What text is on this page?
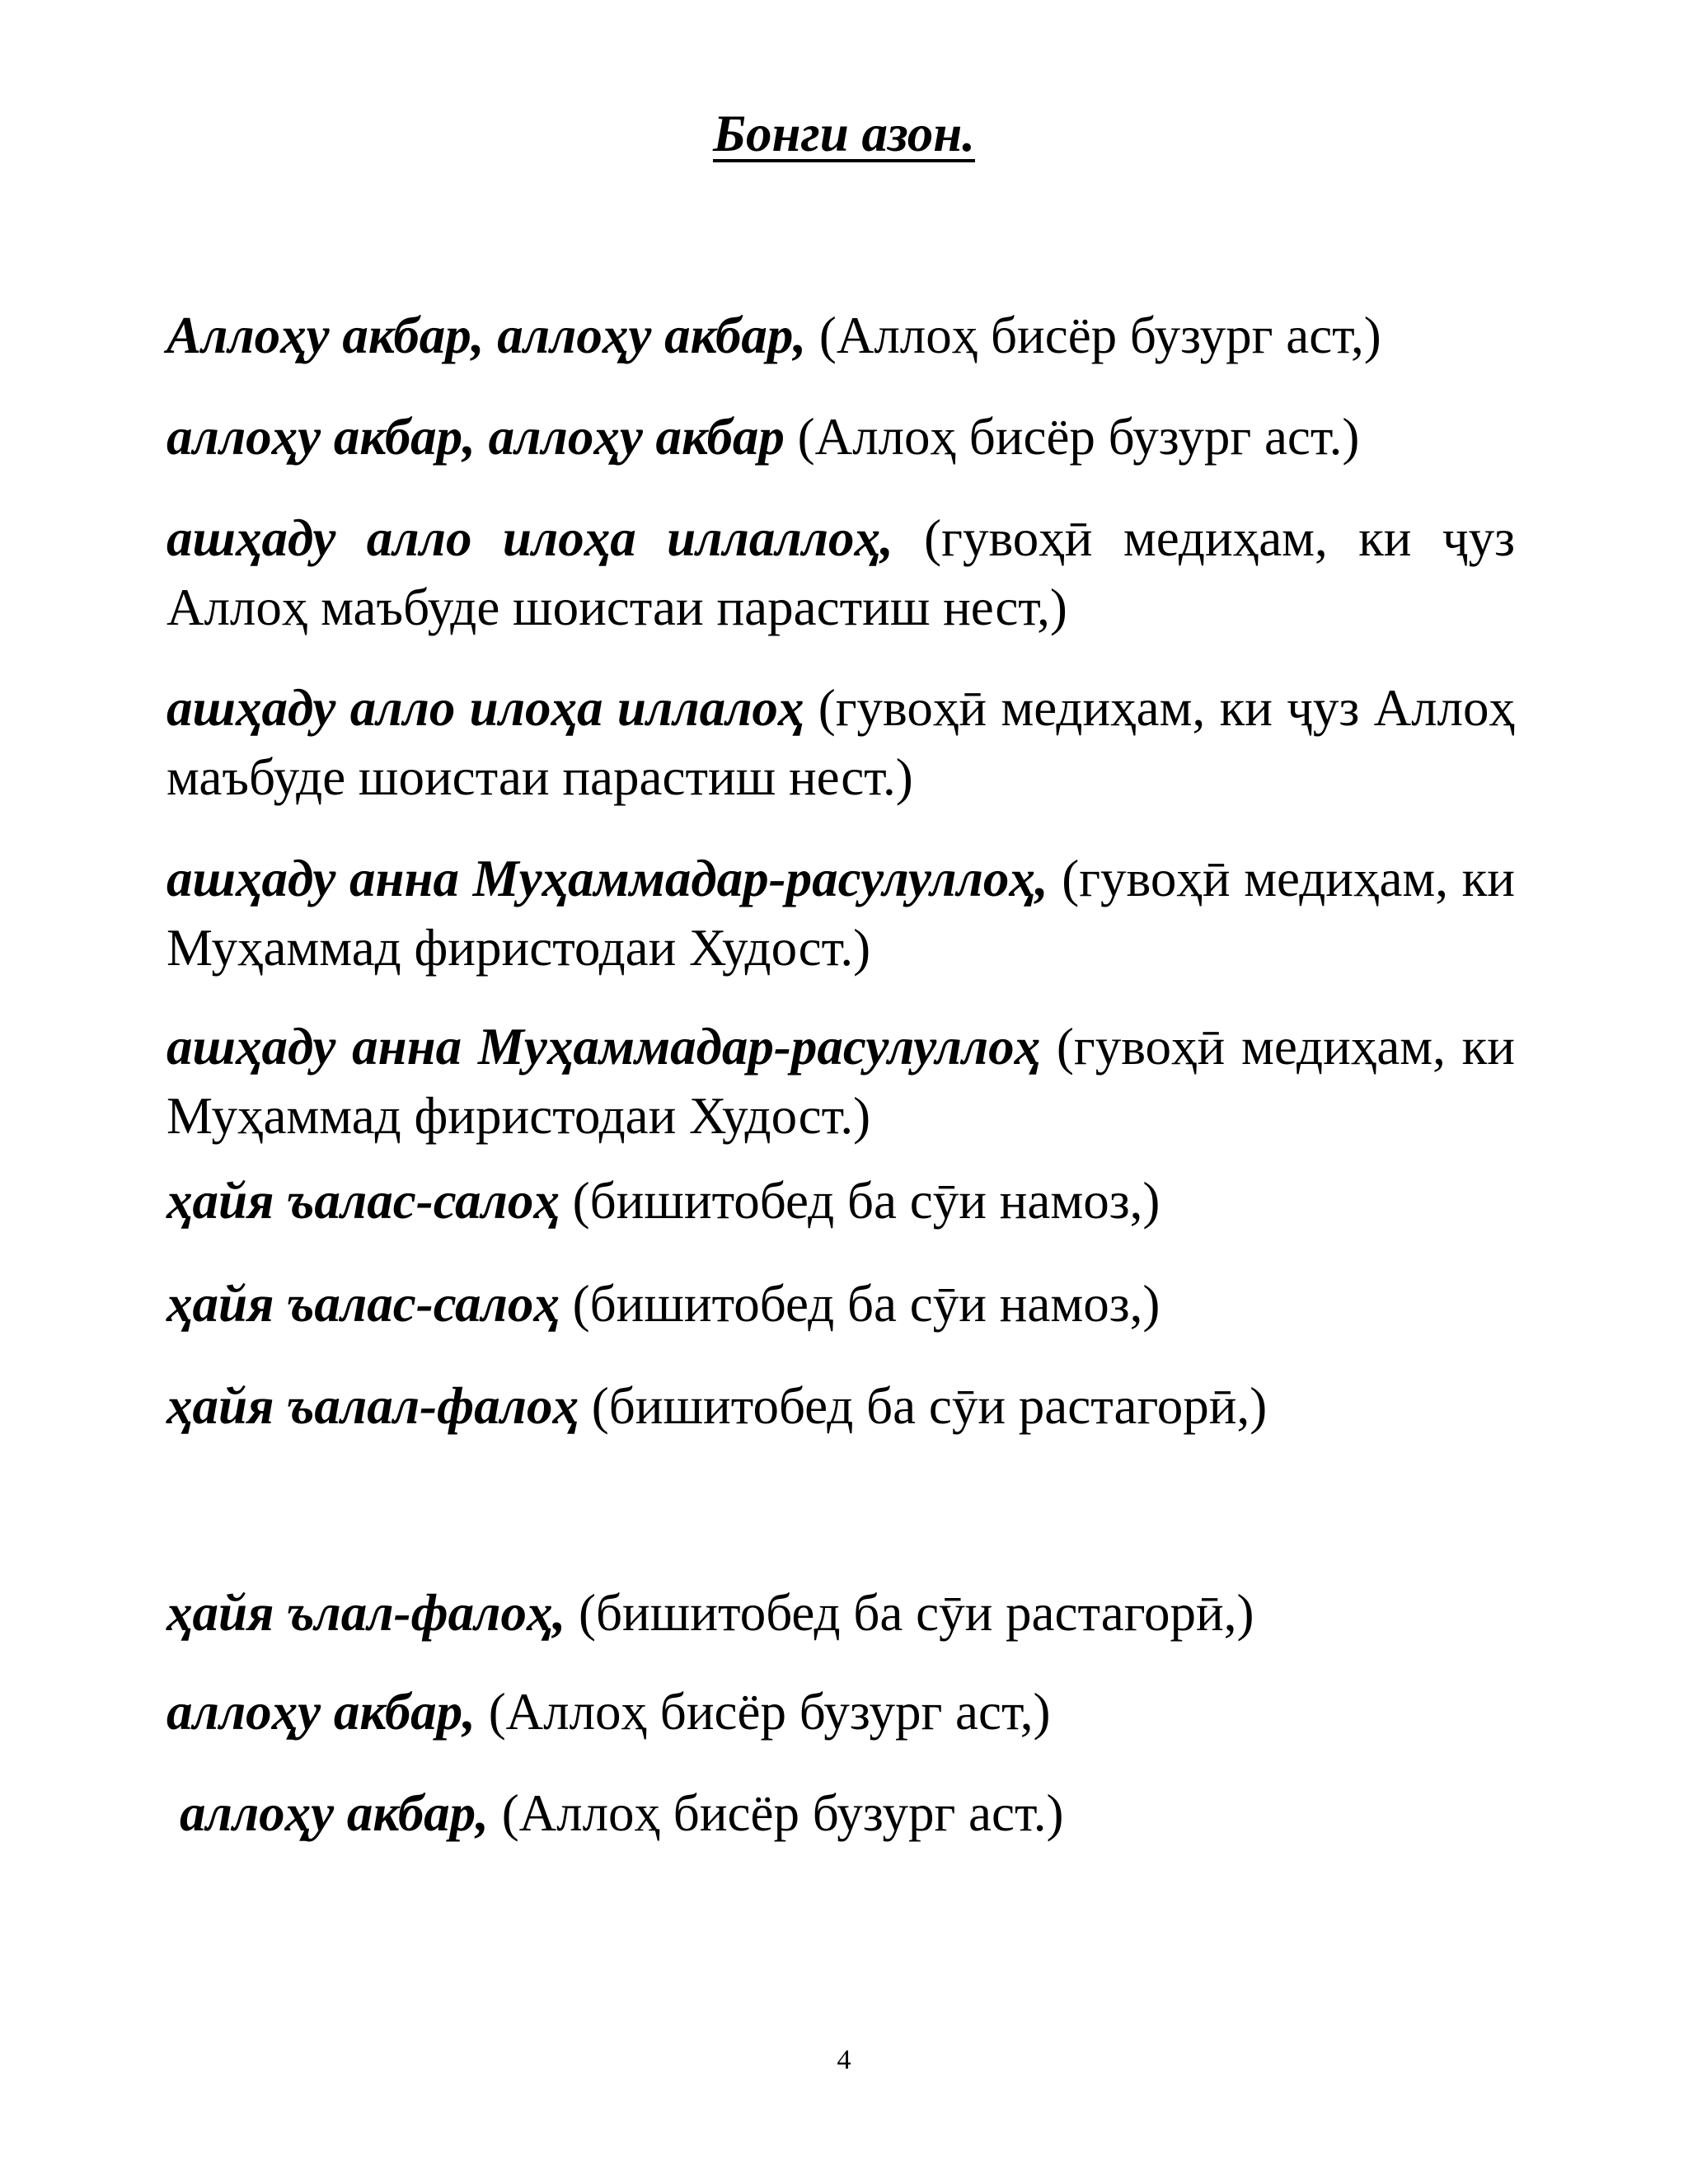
Бонги азон.

Аллоҳу акбар, аллоҳу акбар, (Аллоҳ бисёр бузург аст,)

аллоҳу акбар, аллоҳу акбар (Аллоҳ бисёр бузург аст.)

ашҳаду алло илоҳа иллаллоҳ, (гувоҳӣ медиҳам, ки ҷуз Аллоҳ маъбуде шоистаи парастиш нест,)

ашҳаду алло илоҳа иллалоҳ (гувоҳӣ медиҳам, ки ҷуз Аллоҳ маъбуде шоистаи парастиш нест.)

ашҳаду анна Муҳаммадар-расулуллоҳ, (гувоҳӣ медиҳам, ки Муҳаммад фиристодаи Худост.)

ашҳаду анна Муҳаммадар-расулуллоҳ (гувоҳӣ медиҳам, ки Муҳаммад фиристодаи Худост.)

ҳайя ъалас-салоҳ (бишитобед ба сӯи намоз,)

ҳайя ъалас-салоҳ (бишитобед ба сӯи намоз,)

ҳайя ъалал-фалоҳ (бишитобед ба сӯи растагорӣ,)

ҳайя ълал-фалоҳ, (бишитобед ба сӯи растагорӣ,)

аллоҳу акбар, (Аллоҳ бисёр бузург аст,)

аллоҳу акбар, (Аллоҳ бисёр бузург аст.)

4
